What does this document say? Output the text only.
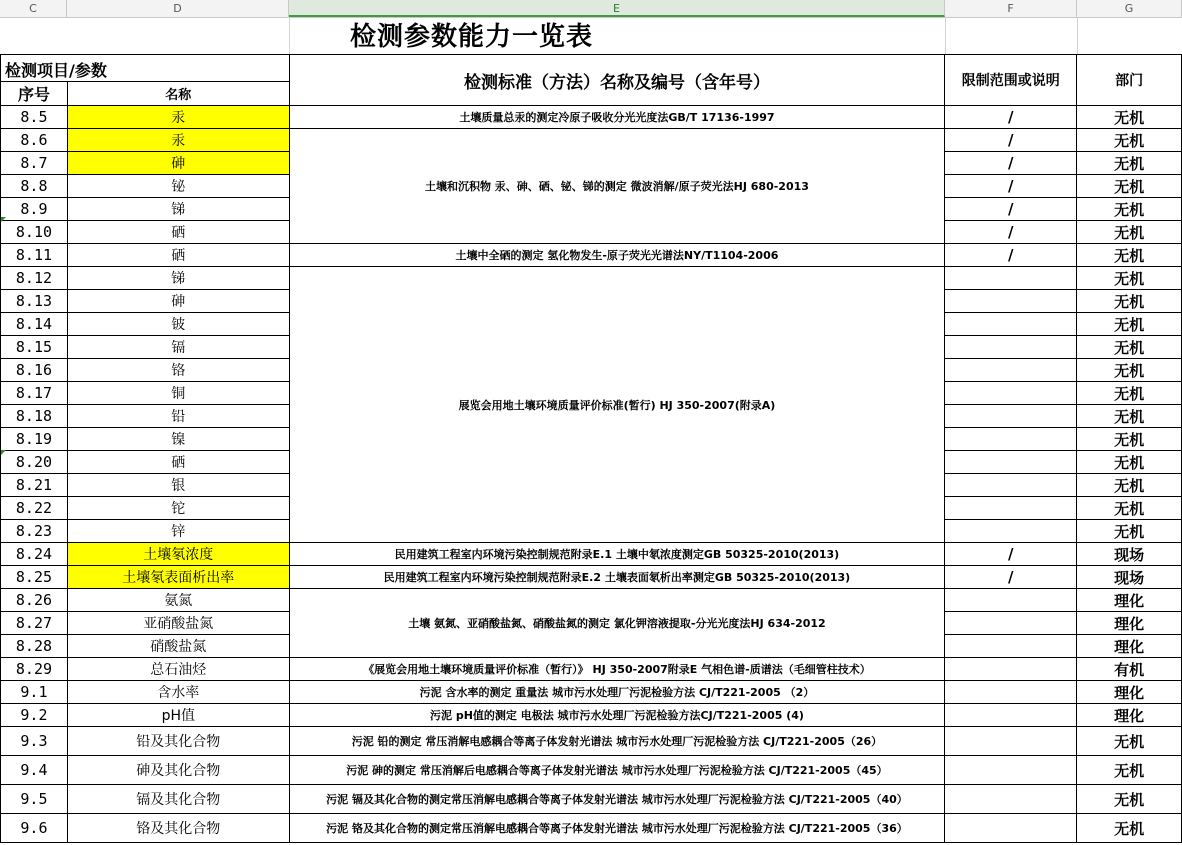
C	D	E	F	G
检测参数能力一览表
检测项目/参数		检测标准（方法）名称及编号（含年号）	限制范围或说明	部门
序号	名称			
8.5	汞	土壤质量总汞的测定冷原子吸收分光光度法GB/T 17136-1997	/	无机
8.6	汞	土壤和沉积物 汞、砷、硒、铋、锑的测定 微波消解/原子荧光法HJ 680-2013	/	无机
8.7	砷		/	无机
8.8	铋		/	无机
8.9	锑		/	无机
8.10	硒		/	无机
8.11	硒	土壤中全硒的测定 氢化物发生-原子荧光光谱法NY/T1104-2006	/	无机
8.12	锑	展览会用地土壤环境质量评价标准(暂行) HJ 350-2007(附录A)		无机
8.13	砷			无机
8.14	铍			无机
8.15	镉			无机
8.16	铬			无机
8.17	铜			无机
8.18	铅			无机
8.19	镍			无机
8.20	硒			无机
8.21	银			无机
8.22	铊			无机
8.23	锌			无机
8.24	土壤氡浓度	民用建筑工程室内环境污染控制规范附录E.1 土壤中氡浓度测定GB 50325-2010(2013)	/	现场
8.25	土壤氡表面析出率	民用建筑工程室内环境污染控制规范附录E.2 土壤表面氡析出率测定GB 50325-2010(2013)	/	现场
8.26	氨氮	土壤 氨氮、亚硝酸盐氮、硝酸盐氮的测定 氯化钾溶液提取-分光光度法HJ 634-2012		理化
8.27	亚硝酸盐氮			理化
8.28	硝酸盐氮			理化
8.29	总石油烃	《展览会用地土壤环境质量评价标准（暂行）》 HJ 350-2007附录E 气相色谱-质谱法（毛细管柱技术）		有机
9.1	含水率	污泥 含水率的测定 重量法 城市污水处理厂污泥检验方法 CJ/T221-2005 （2）		理化
9.2	pH值	污泥 pH值的测定 电极法 城市污水处理厂污泥检验方法CJ/T221-2005 (4)		理化
9.3	铅及其化合物	污泥 铅的测定 常压消解电感耦合等离子体发射光谱法 城市污水处理厂污泥检验方法 CJ/T221-2005（26）		无机
9.4	砷及其化合物	污泥 砷的测定 常压消解后电感耦合等离子体发射光谱法 城市污水处理厂污泥检验方法 CJ/T221-2005（45）		无机
9.5	镉及其化合物	污泥 镉及其化合物的测定常压消解电感耦合等离子体发射光谱法 城市污水处理厂污泥检验方法 CJ/T221-2005（40）		无机
9.6	铬及其化合物	污泥 铬及其化合物的测定常压消解电感耦合等离子体发射光谱法 城市污水处理厂污泥检验方法 CJ/T221-2005（36）		无机
